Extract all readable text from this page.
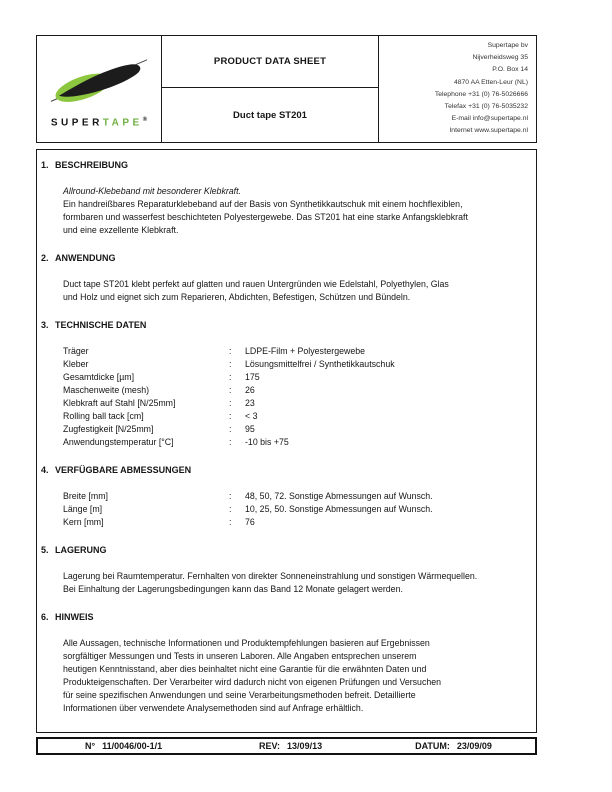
SUPERTAPE®
PRODUCT DATA SHEET
Duct tape ST201
Supertape bv
Nijverheidsweg 35
P.O. Box 14
4870 AA Etten-Leur (NL)
Telephone +31 (0) 76-5026666
Telefax +31 (0) 76-5035232
E-mail info@supertape.nl
Internet www.supertape.nl
1. BESCHREIBUNG
Allround-Klebeband mit besonderer Klebkraft.
Ein handreißbares Reparaturklebeband auf der Basis von Synthetikkautschuk mit einem hochflexiblen,
formbaren und wasserfest beschichteten Polyestergewebe. Das ST201 hat eine starke Anfangsklebkraft
und eine exzellente Klebkraft.
2. ANWENDUNG
Duct tape ST201 klebt perfekt auf glatten und rauen Untergründen wie Edelstahl, Polyethylen, Glas
und Holz und eignet sich zum Reparieren, Abdichten, Befestigen, Schützen und Bündeln.
3. TECHNISCHE DATEN
Träger	:	LDPE-Film + Polyestergewebe
Kleber	:	Lösungsmittelfrei / Synthetikkautschuk
Gesamtdicke [µm]	:	175
Maschenweite (mesh)	:	26
Klebkraft auf Stahl [N/25mm]	:	23
Rolling ball tack [cm]	:	< 3
Zugfestigkeit [N/25mm]	:	95
Anwendungstemperatur [°C]	:	-10 bis +75
4. VERFÜGBARE ABMESSUNGEN
Breite [mm]	:	48, 50, 72. Sonstige Abmessungen auf Wunsch.
Länge [m]	:	10, 25, 50. Sonstige Abmessungen auf Wunsch.
Kern [mm]	:	76
5. LAGERUNG
Lagerung bei Raumtemperatur. Fernhalten von direkter Sonneneinstrahlung und sonstigen Wärmequellen.
Bei Einhaltung der Lagerungsbedingungen kann das Band 12 Monate gelagert werden.
6. HINWEIS
Alle Aussagen, technische Informationen und Produktempfehlungen basieren auf Ergebnissen
sorgfältiger Messungen und Tests in unseren Laboren. Alle Angaben entsprechen unserem
heutigen Kenntnisstand, aber dies beinhaltet nicht eine Garantie für die erwähnten Daten und
Produkteigenschaften. Der Verarbeiter wird dadurch nicht von eigenen Prüfungen und Versuchen
für seine spezifischen Anwendungen und seine Verarbeitungsmethoden befreit. Detaillierte
Informationen über verwendete Analysemethoden sind auf Anfrage erhältlich.
N° 11/0046/00-1/1	REV: 13/09/13	DATUM: 23/09/09
